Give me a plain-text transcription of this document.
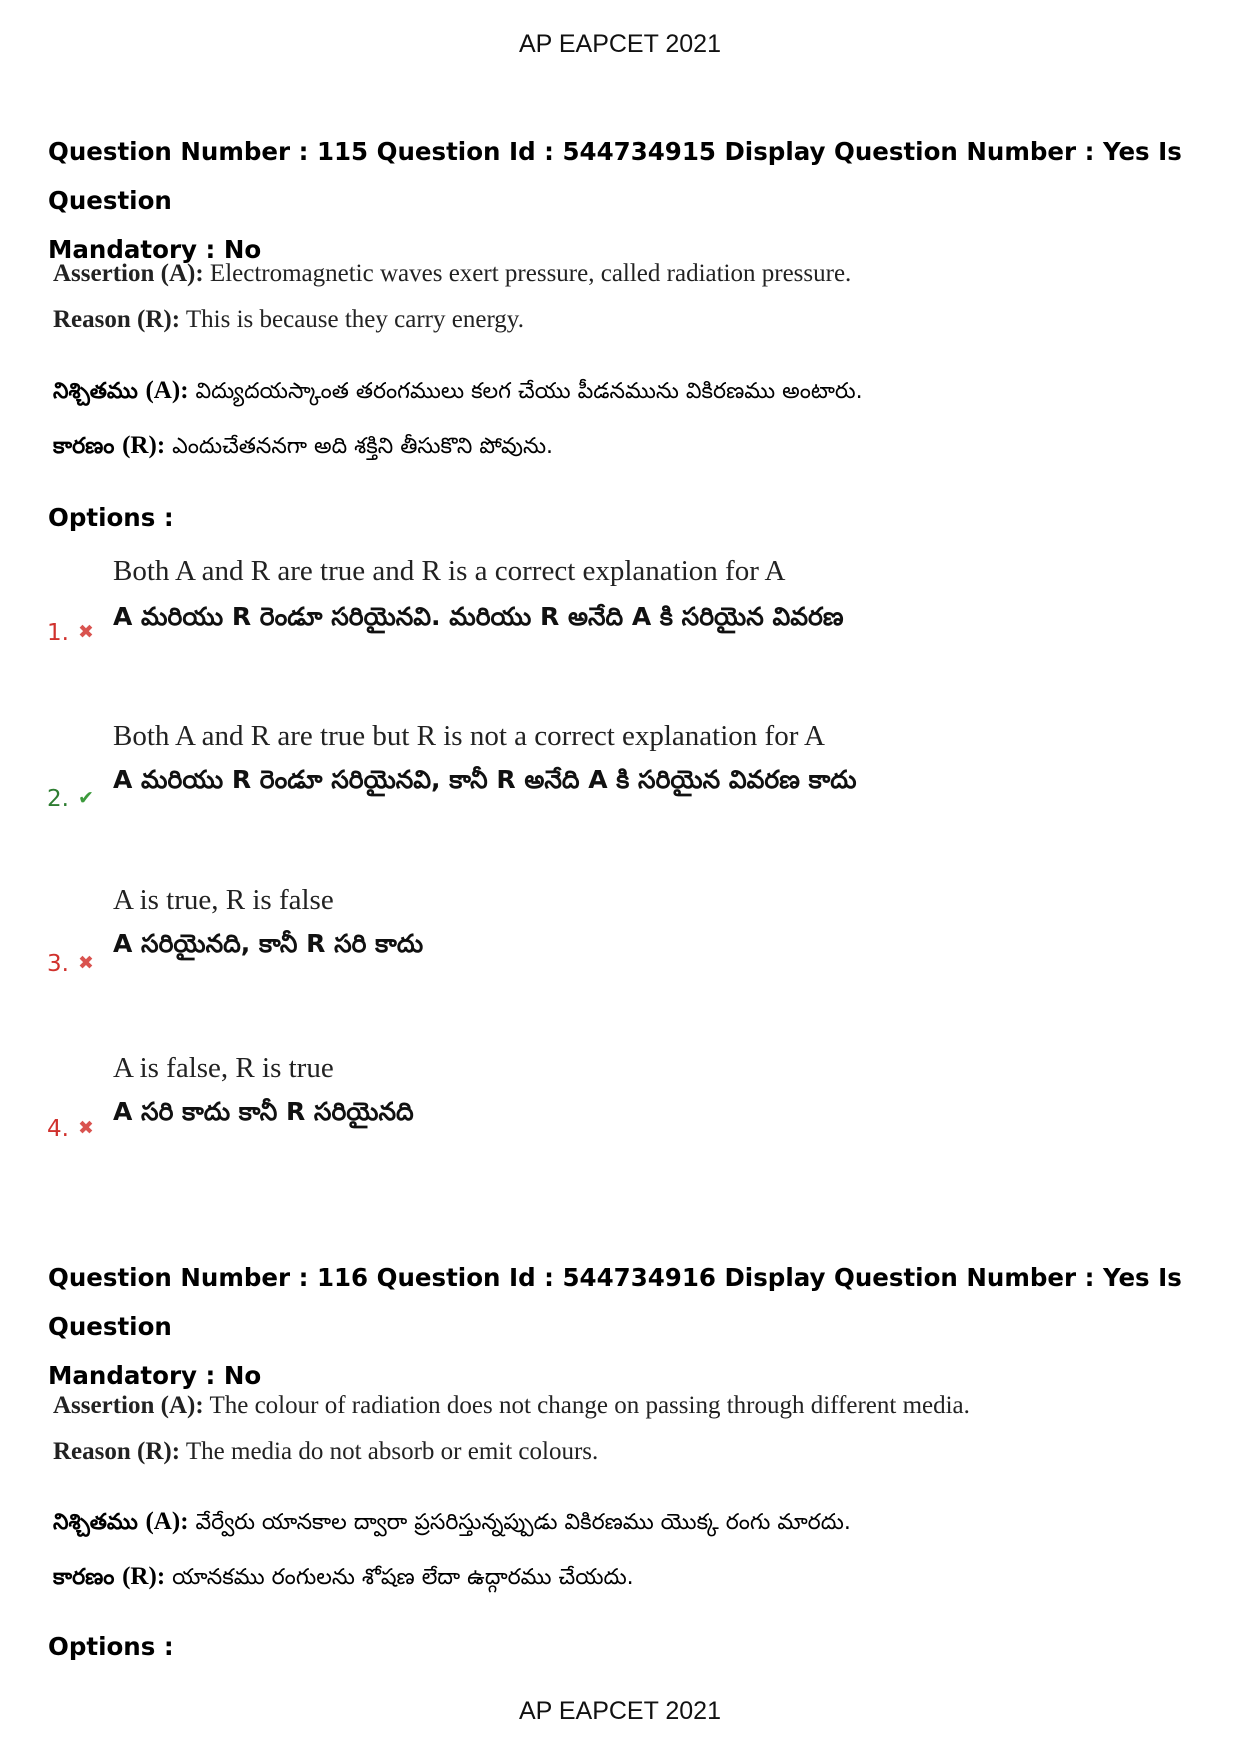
AP EAPCET 2021
Question Number : 115 Question Id : 544734915 Display Question Number : Yes Is Question
Mandatory : No
Assertion (A): Electromagnetic waves exert pressure, called radiation pressure.
Reason (R): This is because they carry energy.
నిశ్చితము (A): విద్యుదయస్కాంత తరంగములు కలగ చేయు పీడనమును వికిరణము అంటారు.
కారణం (R): ఎందుచేతననగా అది శక్తిని తీసుకొని పోవును.
Options :
Both A and R are true and R is a correct explanation for A
A మరియు R రెండూ సరియైనవి. మరియు R అనేది A కి సరియైన వివరణ
1. ✖
Both A and R are true but R is not a correct explanation for A
A మరియు R రెండూ సరియైనవి, కానీ R అనేది A కి సరియైన వివరణ కాదు
2. ✔
A is true, R is false
A సరియైనది, కానీ R సరి కాదు
3. ✖
A is false, R is true
A సరి కాదు కానీ R సరియైనది
4. ✖
Question Number : 116 Question Id : 544734916 Display Question Number : Yes Is Question
Mandatory : No
Assertion (A): The colour of radiation does not change on passing through different media.
Reason (R): The media do not absorb or emit colours.
నిశ్చితము (A): వేర్వేరు యానకాల ద్వారా ప్రసరిస్తున్నప్పుడు వికిరణము యొక్క రంగు మారదు.
కారణం (R): యానకము రంగులను శోషణ లేదా ఉద్గారము చేయదు.
Options :
AP EAPCET 2021
